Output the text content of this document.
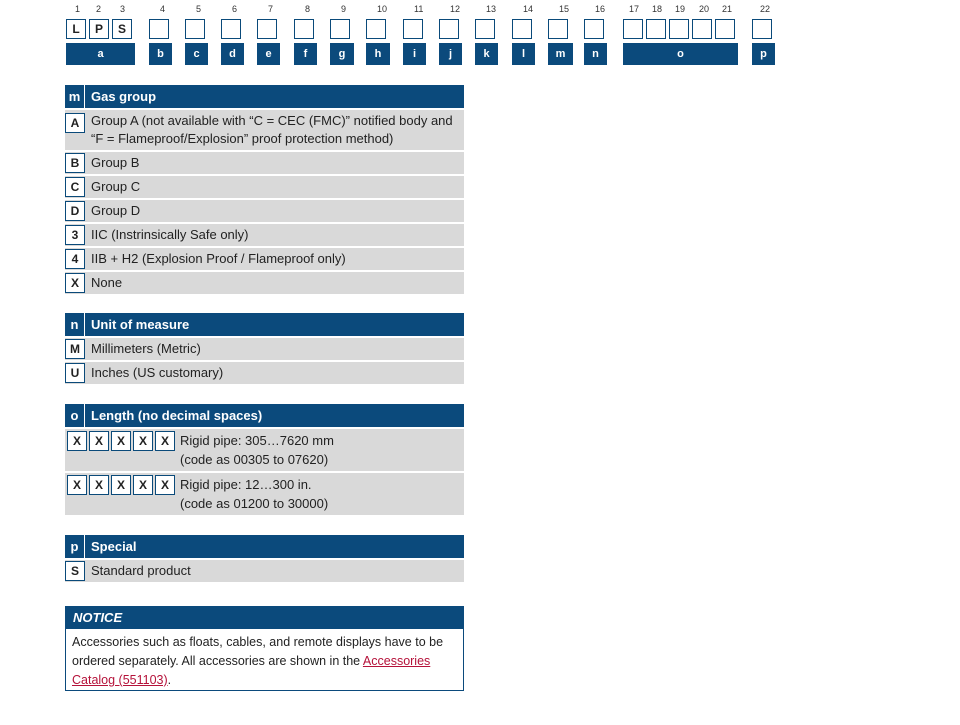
1 2 3	4	5	6	7	8	9	10	11	12	13	14	15	16	17 18 19 20 21	22
L	P	S
a	b	c	d	e	f	g	h	i	j	k	l	m	n	o	p
m Gas group
A Group A (not available with “C = CEC (FMC)” notified body and
“F = Flameproof/Explosion” proof protection method)
B Group B
C Group C
D Group D
3 IIC (Instrinsically Safe only)
4 IIB + H2 (Explosion Proof / Flameproof only)
X None
n Unit of measure
M Millimeters (Metric)
U Inches (US customary)
o Length (no decimal spaces)
X	X	X	X	X Rigid pipe: 305…7620 mm
(code as 00305 to 07620)
X	X	X	X	X Rigid pipe: 12…300 in.
(code as 01200 to 30000)
p Special
S Standard product
NOTICE
Accessories such as floats, cables, and remote displays have to be ordered separately. All accessories are shown in the Accessories Catalog (551103).
